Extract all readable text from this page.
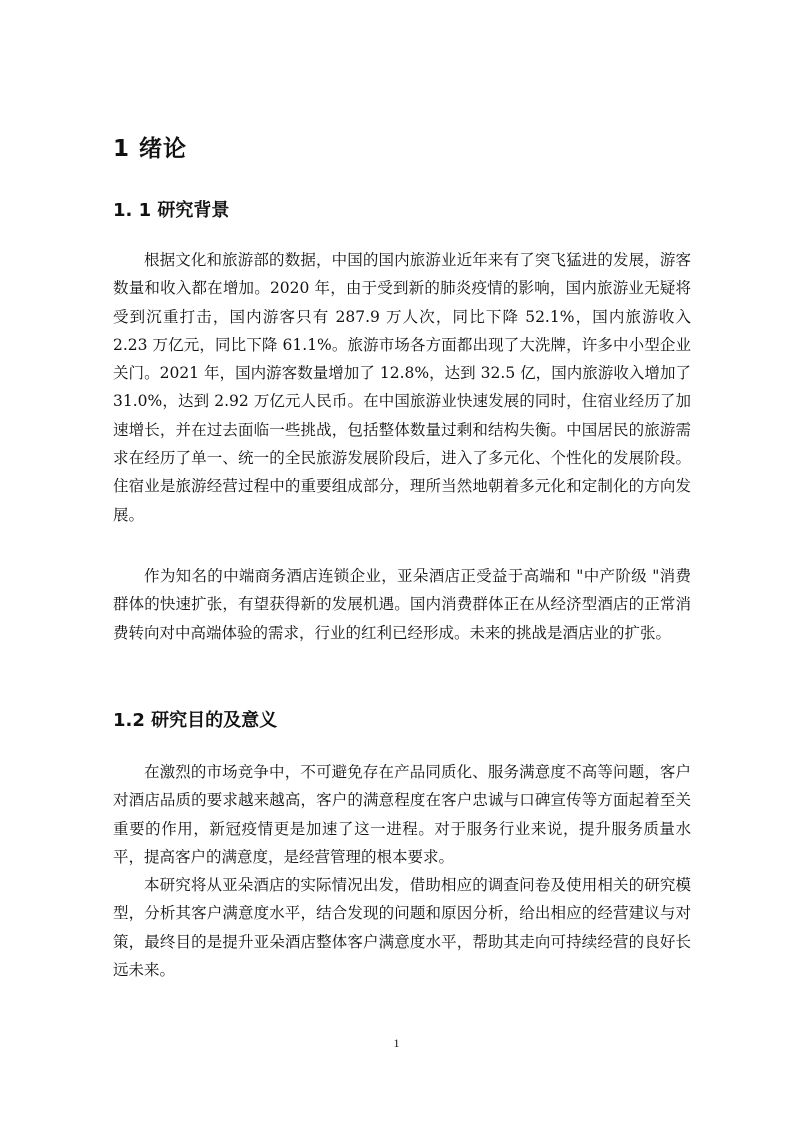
1 绪论
1. 1 研究背景

根据文化和旅游部的数据，中国的国内旅游业近年来有了突飞猛进的发展，游客数量和收入都在增加。2020 年，由于受到新的肺炎疫情的影响，国内旅游业无疑将受到沉重打击，国内游客只有 287.9 万人次，同比下降 52.1%，国内旅游收入 2.23 万亿元，同比下降 61.1%。旅游市场各方面都出现了大洗牌，许多中小型企业关门。2021 年，国内游客数量增加了 12.8%，达到 32.5 亿，国内旅游收入增加了 31.0%，达到 2.92 万亿元人民币。在中国旅游业快速发展的同时，住宿业经历了加速增长，并在过去面临一些挑战，包括整体数量过剩和结构失衡。中国居民的旅游需求在经历了单一、统一的全民旅游发展阶段后，进入了多元化、个性化的发展阶段。住宿业是旅游经营过程中的重要组成部分，理所当然地朝着多元化和定制化的方向发展。

作为知名的中端商务酒店连锁企业，亚朵酒店正受益于高端和 "中产阶级 "消费群体的快速扩张，有望获得新的发展机遇。国内消费群体正在从经济型酒店的正常消费转向对中高端体验的需求，行业的红利已经形成。未来的挑战是酒店业的扩张。

1.2 研究目的及意义

在激烈的市场竞争中，不可避免存在产品同质化、服务满意度不高等问题，客户对酒店品质的要求越来越高，客户的满意程度在客户忠诚与口碑宣传等方面起着至关重要的作用，新冠疫情更是加速了这一进程。对于服务行业来说，提升服务质量水平，提高客户的满意度，是经营管理的根本要求。

本研究将从亚朵酒店的实际情况出发，借助相应的调查问卷及使用相关的研究模型，分析其客户满意度水平，结合发现的问题和原因分析，给出相应的经营建议与对策，最终目的是提升亚朵酒店整体客户满意度水平，帮助其走向可持续经营的良好长远未来。

1
